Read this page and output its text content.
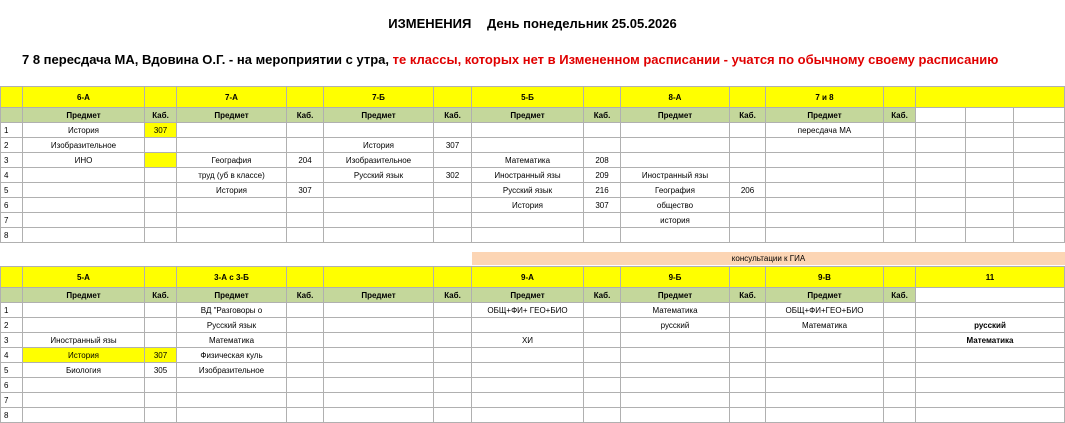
ИЗМЕНЕНИЯ День понедельник 25.05.2026
7 8 пересдача МА, Вдовина О.Г. - на мероприятии с утра, те классы, которых нет в Измененном расписании - учатся по обычному своему расписанию
	6-А		7-А		7-Б		5-Б		8-А		7 и 8				
	Предмет	Каб.	Предмет	Каб.	Предмет	Каб.	Предмет	Каб.	Предмет	Каб.	Предмет	Каб.			
1	История	307									пересдача МА				
2	Изобразительное				История	307									
3	ИНО		География	204	Изобразительное		Математика	208							
4			труд (уб в классе)		Русский язык	302	Иностранный язы	209	Иностранный язы						
5			История	307			Русский язык	216	География	206					
6							История	307	общество						
7									история						
8															
консультации к ГИА
	5-А		3-А с 3-Б				9-А		9-Б		9-В		11
	Предмет	Каб.	Предмет	Каб.	Предмет	Каб.	Предмет	Каб.	Предмет	Каб.	Предмет	Каб.	
1			ВД "Разговоры о				ОБЩ+ФИ+ ГЕО+БИО		Математика		ОБЩ+ФИ+ГЕО+БИО		
2			Русский язык						русский		Математика		русский
3	Иностранный язы		Математика				ХИ						Математика
4	История	307	Физическая куль										
5	Биология	305	Изобразительное										
6													
7													
8													
